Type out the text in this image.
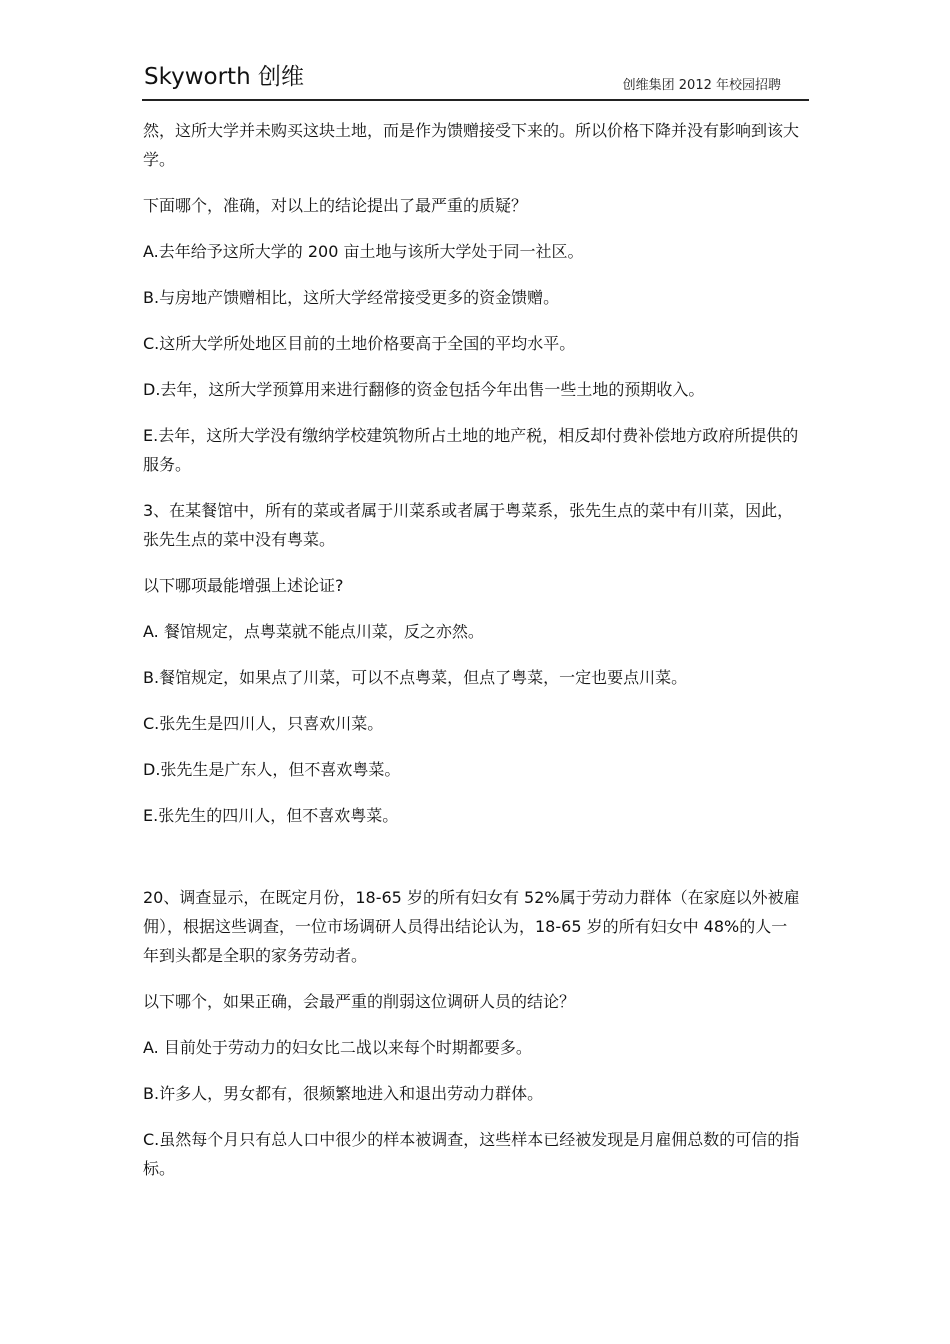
Skyworth 创维	创维集团 2012 年校园招聘

然，这所大学并未购买这块土地，而是作为馈赠接受下来的。所以价格下降并没有影响到该大学。

下面哪个，准确，对以上的结论提出了最严重的质疑？

A.去年给予这所大学的 200 亩土地与该所大学处于同一社区。

B.与房地产馈赠相比，这所大学经常接受更多的资金馈赠。

C.这所大学所处地区目前的土地价格要高于全国的平均水平。

D.去年，这所大学预算用来进行翻修的资金包括今年出售一些土地的预期收入。

E.去年，这所大学没有缴纳学校建筑物所占土地的地产税，相反却付费补偿地方政府所提供的服务。

3、在某餐馆中，所有的菜或者属于川菜系或者属于粤菜系，张先生点的菜中有川菜，因此，张先生点的菜中没有粤菜。

以下哪项最能增强上述论证?

A. 餐馆规定，点粤菜就不能点川菜，反之亦然。

B.餐馆规定，如果点了川菜，可以不点粤菜，但点了粤菜，一定也要点川菜。

C.张先生是四川人，只喜欢川菜。

D.张先生是广东人，但不喜欢粤菜。

E.张先生的四川人，但不喜欢粤菜。

20、调查显示，在既定月份，18-65 岁的所有妇女有 52%属于劳动力群体（在家庭以外被雇佣），根据这些调查，一位市场调研人员得出结论认为，18-65 岁的所有妇女中 48%的人一年到头都是全职的家务劳动者。

以下哪个，如果正确，会最严重的削弱这位调研人员的结论？

A. 目前处于劳动力的妇女比二战以来每个时期都要多。

B.许多人，男女都有，很频繁地进入和退出劳动力群体。

C.虽然每个月只有总人口中很少的样本被调查，这些样本已经被发现是月雇佣总数的可信的指标。
